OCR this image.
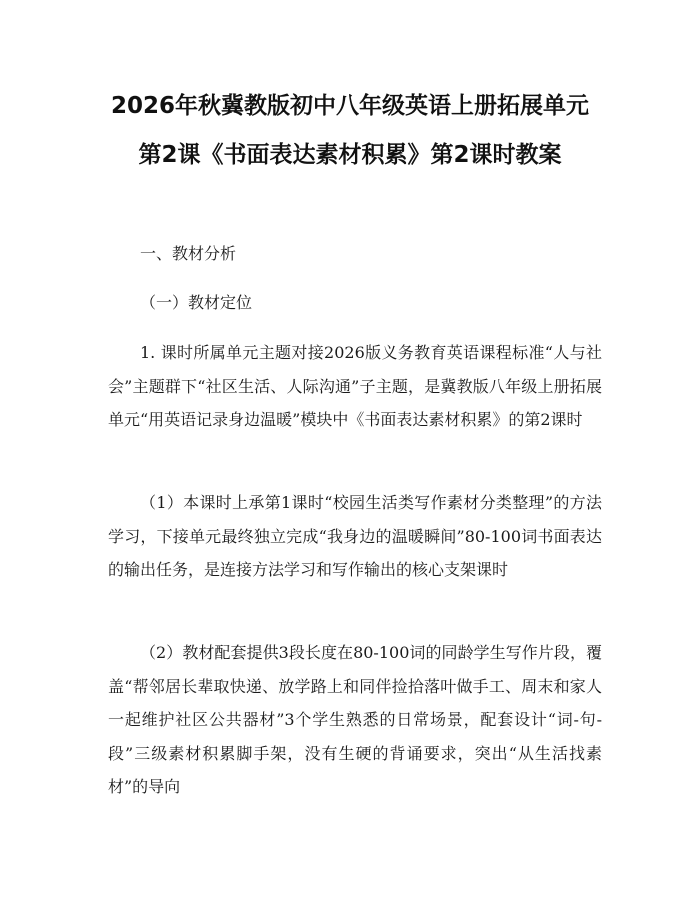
2026年秋冀教版初中八年级英语上册拓展单元第2课《书面表达素材积累》第2课时教案

一、教材分析

（一）教材定位

1. 课时所属单元主题对接2026版义务教育英语课程标准“人与社会”主题群下“社区生活、人际沟通”子主题，是冀教版八年级上册拓展单元“用英语记录身边温暖”模块中《书面表达素材积累》的第2课时

（1）本课时上承第1课时“校园生活类写作素材分类整理”的方法学习，下接单元最终独立完成“我身边的温暖瞬间”80-100词书面表达的输出任务，是连接方法学习和写作输出的核心支架课时

（2）教材配套提供3段长度在80-100词的同龄学生写作片段，覆盖“帮邻居长辈取快递、放学路上和同伴捡拾落叶做手工、周末和家人一起维护社区公共器材”3个学生熟悉的日常场景，配套设计“词-句-段”三级素材积累脚手架，没有生硬的背诵要求，突出“从生活找素材”的导向
